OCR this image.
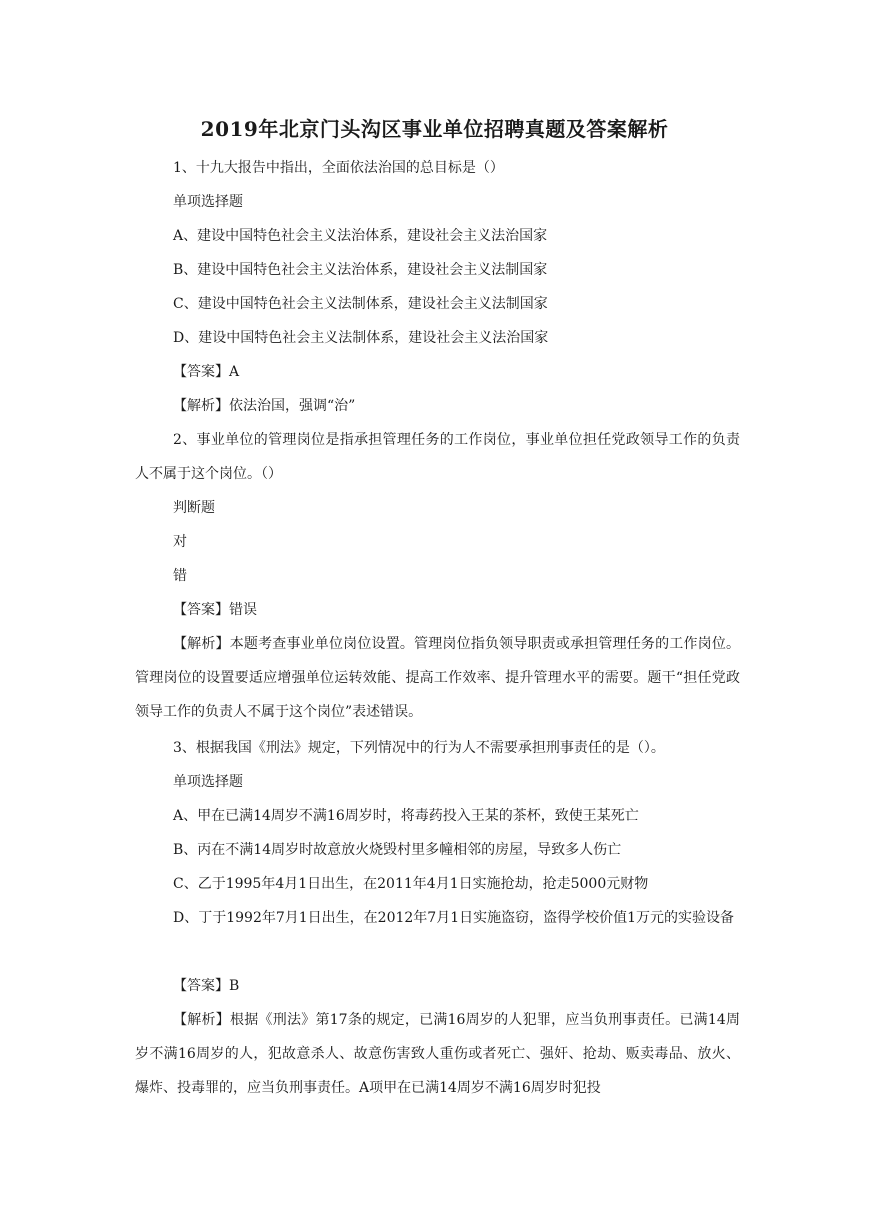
2019年北京门头沟区事业单位招聘真题及答案解析

1、十九大报告中指出，全面依法治国的总目标是（）

单项选择题

A、建设中国特色社会主义法治体系，建设社会主义法治国家

B、建设中国特色社会主义法治体系，建设社会主义法制国家

C、建设中国特色社会主义法制体系，建设社会主义法制国家

D、建设中国特色社会主义法制体系，建设社会主义法治国家

【答案】A

【解析】依法治国，强调“治”

2、事业单位的管理岗位是指承担管理任务的工作岗位，事业单位担任党政领导工作的负责人不属于这个岗位。（）

判断题

对

错

【答案】错误

【解析】本题考查事业单位岗位设置。管理岗位指负领导职责或承担管理任务的工作岗位。管理岗位的设置要适应增强单位运转效能、提高工作效率、提升管理水平的需要。题干“担任党政领导工作的负责人不属于这个岗位”表述错误。

3、根据我国《刑法》规定，下列情况中的行为人不需要承担刑事责任的是（）。

单项选择题

A、甲在已满14周岁不满16周岁时，将毒药投入王某的茶杯，致使王某死亡

B、丙在不满14周岁时故意放火烧毁村里多幢相邻的房屋，导致多人伤亡

C、乙于1995年4月1日出生，在2011年4月1日实施抢劫，抢走5000元财物

D、丁于1992年7月1日出生，在2012年7月1日实施盗窃，盗得学校价值1万元的实验设备

【答案】B

【解析】根据《刑法》第17条的规定，已满16周岁的人犯罪，应当负刑事责任。已满14周岁不满16周岁的人，犯故意杀人、故意伤害致人重伤或者死亡、强奸、抢劫、贩卖毒品、放火、爆炸、投毒罪的，应当负刑事责任。A项甲在已满14周岁不满16周岁时犯投
